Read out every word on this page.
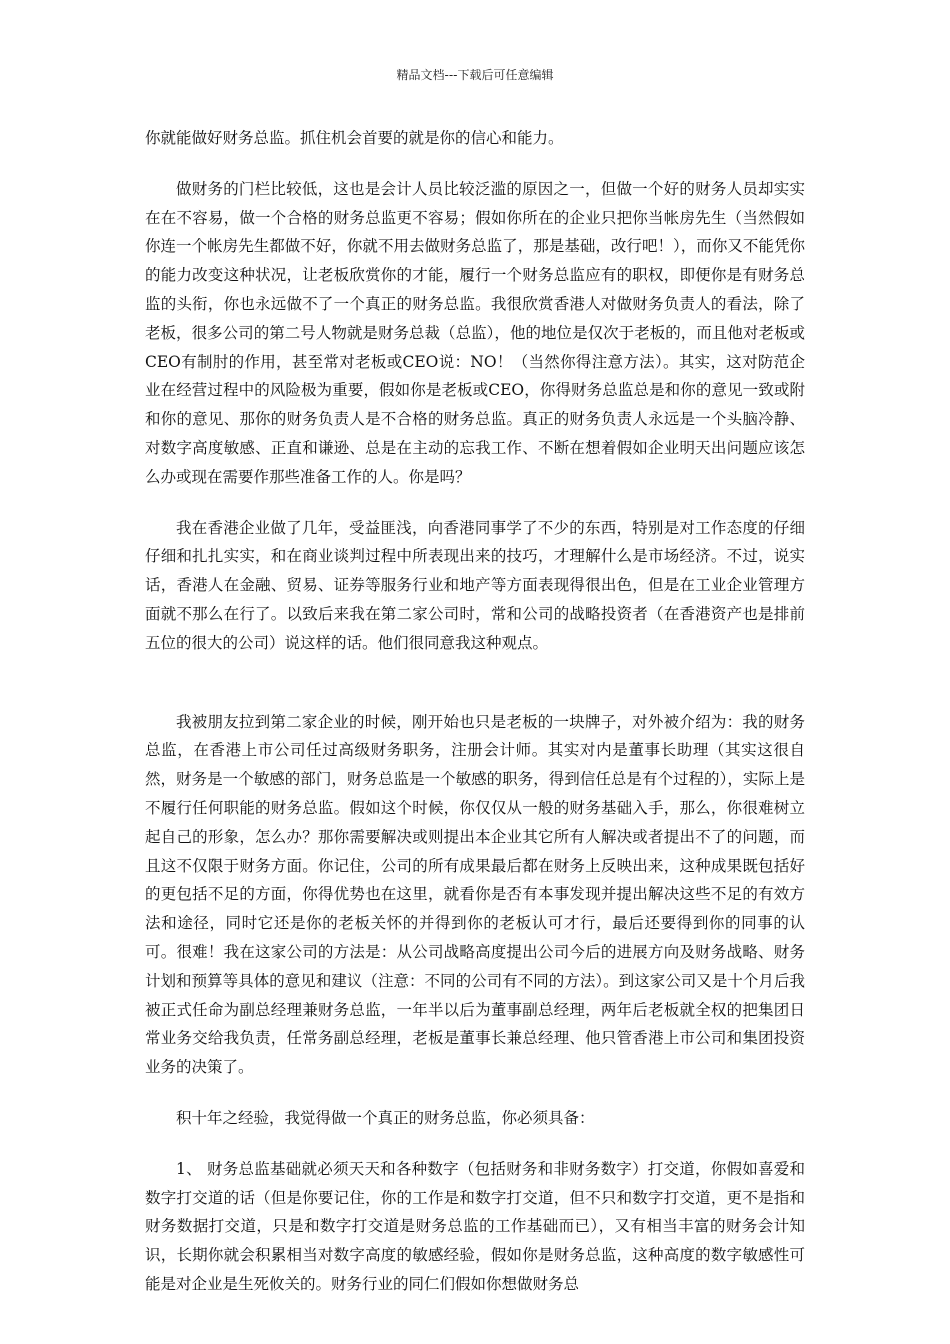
精品文档---下载后可任意编辑

你就能做好财务总监。抓住机会首要的就是你的信心和能力。

做财务的门栏比较低，这也是会计人员比较泛滥的原因之一，但做一个好的财务人员却实实在在不容易，做一个合格的财务总监更不容易；假如你所在的企业只把你当帐房先生（当然假如你连一个帐房先生都做不好，你就不用去做财务总监了，那是基础，改行吧！），而你又不能凭你的能力改变这种状况，让老板欣赏你的才能，履行一个财务总监应有的职权，即便你是有财务总监的头衔，你也永远做不了一个真正的财务总监。我很欣赏香港人对做财务负责人的看法，除了老板，很多公司的第二号人物就是财务总裁（总监），他的地位是仅次于老板的，而且他对老板或CEO有制肘的作用，甚至常对老板或CEO说：NO！（当然你得注意方法）。其实，这对防范企业在经营过程中的风险极为重要，假如你是老板或CEO，你得财务总监总是和你的意见一致或附和你的意见、那你的财务负责人是不合格的财务总监。真正的财务负责人永远是一个头脑冷静、对数字高度敏感、正直和谦逊、总是在主动的忘我工作、不断在想着假如企业明天出问题应该怎么办或现在需要作那些准备工作的人。你是吗？

我在香港企业做了几年，受益匪浅，向香港同事学了不少的东西，特别是对工作态度的仔细仔细和扎扎实实，和在商业谈判过程中所表现出来的技巧，才理解什么是市场经济。不过，说实话，香港人在金融、贸易、证券等服务行业和地产等方面表现得很出色，但是在工业企业管理方面就不那么在行了。以致后来我在第二家公司时，常和公司的战略投资者（在香港资产也是排前五位的很大的公司）说这样的话。他们很同意我这种观点。

我被朋友拉到第二家企业的时候，刚开始也只是老板的一块牌子，对外被介绍为：我的财务总监，在香港上市公司任过高级财务职务，注册会计师。其实对内是董事长助理（其实这很自然，财务是一个敏感的部门，财务总监是一个敏感的职务，得到信任总是有个过程的），实际上是不履行任何职能的财务总监。假如这个时候，你仅仅从一般的财务基础入手，那么，你很难树立起自己的形象，怎么办？那你需要解决或则提出本企业其它所有人解决或者提出不了的问题，而且这不仅限于财务方面。你记住，公司的所有成果最后都在财务上反映出来，这种成果既包括好的更包括不足的方面，你得优势也在这里，就看你是否有本事发现并提出解决这些不足的有效方法和途径，同时它还是你的老板关怀的并得到你的老板认可才行，最后还要得到你的同事的认可。很难！我在这家公司的方法是：从公司战略高度提出公司今后的进展方向及财务战略、财务计划和预算等具体的意见和建议（注意：不同的公司有不同的方法）。到这家公司又是十个月后我被正式任命为副总经理兼财务总监，一年半以后为董事副总经理，两年后老板就全权的把集团日常业务交给我负责，任常务副总经理，老板是董事长兼总经理、他只管香港上市公司和集团投资业务的决策了。

积十年之经验，我觉得做一个真正的财务总监，你必须具备：

1、 财务总监基础就必须天天和各种数字（包括财务和非财务数字）打交道，你假如喜爱和数字打交道的话（但是你要记住，你的工作是和数字打交道，但不只和数字打交道，更不是指和财务数据打交道，只是和数字打交道是财务总监的工作基础而已），又有相当丰富的财务会计知识，长期你就会积累相当对数字高度的敏感经验，假如你是财务总监，这种高度的数字敏感性可能是对企业是生死攸关的。财务行业的同仁们假如你想做财务总
